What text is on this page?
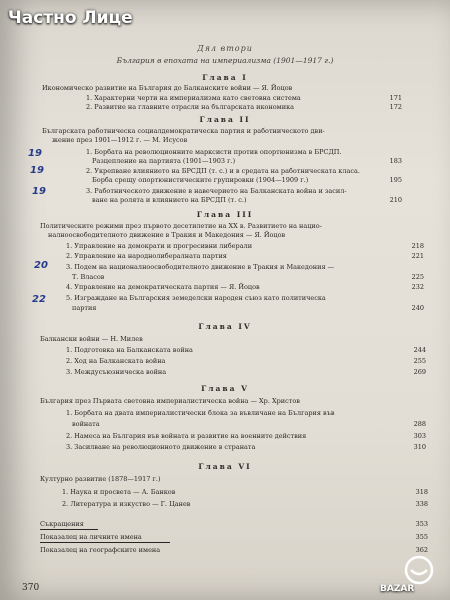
Дял втори
България в епохата на империализма (1901—1917 г.)
Глава I
Икономическо развитие на България до Балканските войни — Я. Йоцов
1. Характерни черти на империализма като световна система	171
2. Развитие на главните отрасли на българската икономика	172
Глава II
Българската работническа социалдемократическа партия и работническото дви-
жение през 1901—1912 г. — М. Исусов
1. Борбата на революционните марксисти против опортюнизма в БРСДП.
Разцепление на партията (1901—1903 г.)	183
2. Укрепване влиянието на БРСДП (т. с.) и в средата на работническата класа.
Борба срещу опортюнистическите групировки (1904—1909 г.)	195
3. Работническото движение в навечерието на Балканската война и засил-
ване на ролята и влиянието на БРСДП (т. с.)	210
Глава III
Политическите режими през първото десетилетие на ХХ в. Развитието на нацио-
налноосвободителното движение в Тракия и Македония — Я. Йоцов
1. Управление на демократи и прогресивни либерали	218
2. Управление на народнолибералната партия	221
3. Подем на националноосвободителното движение в Тракия и Македония —
Т. Власов	225
4. Управление на демократическата партия — Я. Йоцов	232
5. Изграждане на Българския земеделски народен съюз като политическа
партия	240
Глава IV
Балкански войни — Н. Милев
1. Подготовка на Балканската война	244
2. Ход на Балканската война	255
3. Междусъюзническа война	269
Глава V
България през Първата световна империалистическа война — Хр. Христов
1. Борбата на двата империалистически блока за въвличане на България във
войната	288
2. Намеса на България във войната и развитие на военните действия	303
3. Засилване на революционното движение в страната	310
Глава VI
Културно развитие (1878—1917 г.)
1. Наука и просвета — А. Банков	318
2. Литература и изкуство — Г. Цанев	338
Съкращения	353
Показалец на личните имена	355
Показалец на географските имена	362
19
19
19
20
22
370
Частно Лице
BAZAR
